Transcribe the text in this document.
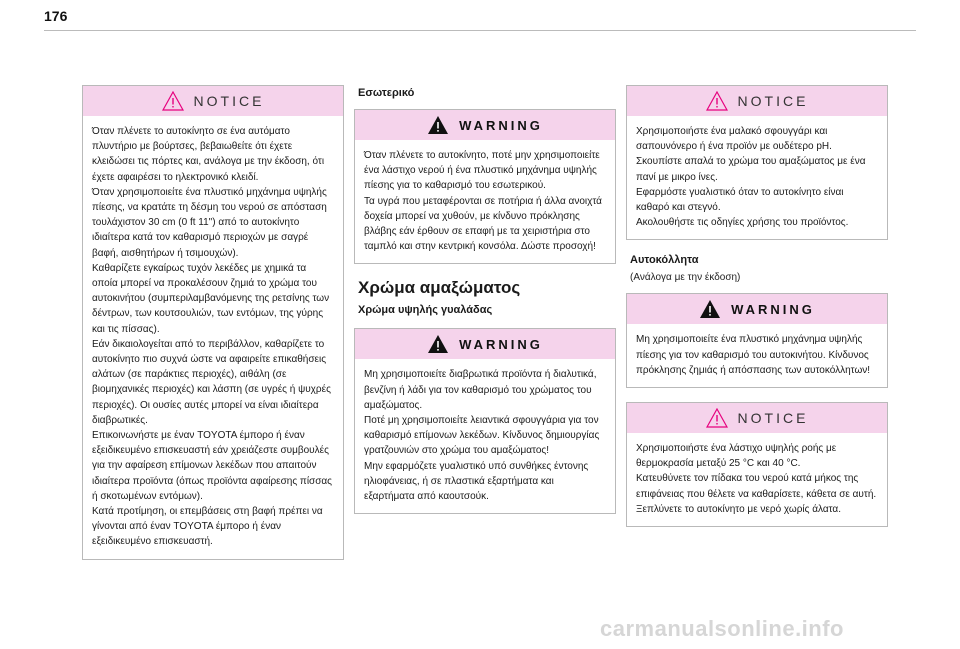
176
NOTICE

Όταν πλένετε το αυτοκίνητο σε ένα αυτόματο πλυντήριο με βούρτσες, βεβαιωθείτε ότι έχετε κλειδώσει τις πόρτες και, ανάλογα με την έκδοση, ότι έχετε αφαιρέσει το ηλεκτρονικό κλειδί.

Όταν χρησιμοποιείτε ένα πλυστικό μηχάνημα υψηλής πίεσης, να κρατάτε τη δέσμη του νερού σε απόσταση τουλάχιστον 30 cm (0 ft 11") από το αυτοκίνητο ιδιαίτερα κατά τον καθαρισμό περιοχών με σαγρέ βαφή, αισθητήρων ή τσιμουχών).

Καθαρίζετε εγκαίρως τυχόν λεκέδες με χημικά τα οποία μπορεί να προκαλέσουν ζημιά το χρώμα του αυτοκινήτου (συμπεριλαμβανόμενης της ρετσίνης των δέντρων, των κουτσουλιών, των εντόμων, της γύρης και τις πίσσας).

Εάν δικαιολογείται από το περιβάλλον, καθαρίζετε το αυτοκίνητο πιο συχνά ώστε να αφαιρείτε επικαθήσεις αλάτων (σε παράκτιες περιοχές), αιθάλη (σε βιομηχανικές περιοχές) και λάσπη (σε υγρές ή ψυχρές περιοχές). Οι ουσίες αυτές μπορεί να είναι ιδιαίτερα διαβρωτικές.

Επικοινωνήστε με έναν TOYOTA έμπορο ή έναν εξειδικευμένο επισκευαστή εάν χρειάζεστε συμβουλές για την αφαίρεση επίμονων λεκέδων που απαιτούν ιδιαίτερα προϊόντα (όπως προϊόντα αφαίρεσης πίσσας ή σκοτωμένων εντόμων).

Κατά προτίμηση, οι επεμβάσεις στη βαφή πρέπει να γίνονται από έναν TOYOTA έμπορο ή έναν εξειδικευμένο επισκευαστή.

Εσωτερικό
WARNING

Όταν πλένετε το αυτοκίνητο, ποτέ μην χρησιμοποιείτε ένα λάστιχο νερού ή ένα πλυστικό μηχάνημα υψηλής πίεσης για το καθαρισμό του εσωτερικού.

Τα υγρά που μεταφέρονται σε ποτήρια ή άλλα ανοιχτά δοχεία μπορεί να χυθούν, με κίνδυνο πρόκλησης βλάβης εάν έρθουν σε επαφή με τα χειριστήρια στο ταμπλό και στην κεντρική κονσόλα. Δώστε προσοχή!

Χρώμα αμαξώματος
Χρώμα υψηλής γυαλάδας
WARNING

Μη χρησιμοποιείτε διαβρωτικά προϊόντα ή διαλυτικά, βενζίνη ή λάδι για τον καθαρισμό του χρώματος του αμαξώματος.

Ποτέ μη χρησιμοποιείτε λειαντικά σφουγγάρια για τον καθαρισμό επίμονων λεκέδων. Κίνδυνος δημιουργίας γρατζουνιών στο χρώμα του αμαξώματος!

Μην εφαρμόζετε γυαλιστικό υπό συνθήκες έντονης ηλιοφάνειας, ή σε πλαστικά εξαρτήματα και εξαρτήματα από καουτσούκ.

NOTICE

Χρησιμοποιήστε ένα μαλακό σφουγγάρι και σαπουνόνερο ή ένα προϊόν με ουδέτερο pH.

Σκουπίστε απαλά το χρώμα του αμαξώματος με ένα πανί με μικρο ίνες.

Εφαρμόστε γυαλιστικό όταν το αυτοκίνητο είναι καθαρό και στεγνό.

Ακολουθήστε τις οδηγίες χρήσης του προϊόντος.

Αυτοκόλλητα
(Ανάλογα με την έκδοση)
WARNING

Μη χρησιμοποιείτε ένα πλυστικό μηχάνημα υψηλής πίεσης για τον καθαρισμό του αυτοκινήτου. Κίνδυνος πρόκλησης ζημιάς ή απόσπασης των αυτοκόλλητων!

NOTICE

Χρησιμοποιήστε ένα λάστιχο υψηλής ροής με θερμοκρασία μεταξύ 25 °C και 40 °C.

Κατευθύνετε τον πίδακα του νερού κατά μήκος της επιφάνειας που θέλετε να καθαρίσετε, κάθετα σε αυτή.

Ξεπλύνετε το αυτοκίνητο με νερό χωρίς άλατα.

carmanualsonline.info
